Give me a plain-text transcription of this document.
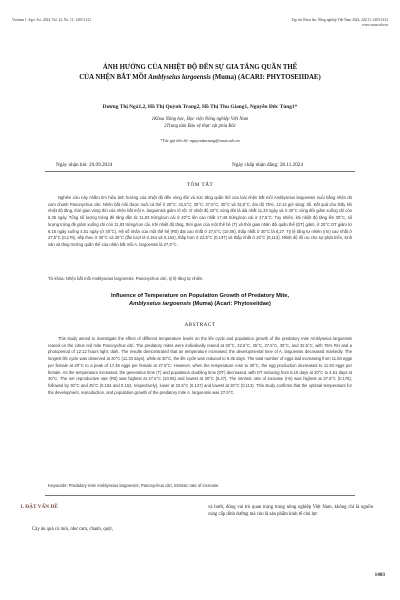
Vietnam J. Agri. Sci. 2024, Vol. 22, No. 11: 1403-1412	Tạp chí Khoa học Nông nghiệp Việt Nam 2024, 22(11): 1403-1412
www.vnua.edu.vn
ẢNH HƯỞNG CỦA NHIỆT ĐỘ ĐẾN SỰ GIA TĂNG QUẦN THỂ
CỦA NHỆN BẮT MỒI Amblyseius largoensis (Muma) (ACARI: PHYTOSEIIDAE)
Dương Thị Ngà1,2, Hồ Thị Quỳnh Trang2, Hồ Thị Thu Giang1, Nguyễn Đức Tùng1*
1Khoa Nông học, Học viện Nông nghiệp Việt Nam
2Trung tâm Bảo vệ thực vật phía Bắc
*Tác giả liên hệ: nguyenductung@vnua.edu.vn
Ngày nhận bài: 20.09.2024	Ngày chấp nhận đăng: 28.11.2024
TÓM TẮT

Nghiên cứu này nhằm tìm hiểu ảnh hưởng của nhiệt độ đến vòng đời và sức tăng quần thể của loài nhện bắt mồi Amblyseius largoensis nuôi bằng nhện đỏ cam chanh Panonychus citri. Nhện bắt mồi được nuôi cá thể ở 20°C; 22,5°C; 25°C; 27,5°C; 30°C và 32,5°C, ẩm độ 75%, 12:12 giờ sáng: tối. Kết quả cho thấy khi nhiệt độ tăng, thời gian vòng đời của nhện bắt mồi A. largoensis giảm rõ rệt. Ở nhiệt độ 20°C vòng đời là dài nhất 11,33 ngày và ở 30°C vòng đời giảm xuống chỉ còn 6,35 ngày. Tổng số lượng trứng đẻ tăng dần từ 11,83 trứng/con cái ở 20°C lên cao nhất 17,48 trứng/con cái ở 27,5°C. Tuy nhiên, khi nhiệt độ tăng lên 30°C, số lượng trứng đẻ giảm xuống chỉ còn 11,83 trứng/con cái. Khi nhiệt độ tăng, thời gian của một thế hệ (T) và thời gian nhân đôi quần thể (DT) giảm, ở 20°C DT giảm từ 6,15 ngày xuống 4,51 ngày (ở 30°C). Hệ số nhân của một thế hệ (R0) đạt cao nhất ở 27,5°C (10,06), thấp nhất ở 30°C là 6,27. Tỷ lệ tăng tự nhiên (rm) cao nhất ở 27,5°C (0,178), tiếp theo ở 30°C và 25°C (lần lượt là 0,154 và 0,162), thấp hơn ở 22,5°C (0,137) và thấp nhất ở 20°C (0,113). Nhiệt độ tối ưu cho sự phát triển, sinh sản và tăng trưởng quần thể của nhện bắt mồi A. largoensis là 27,5°C.

Từ khóa: Nhện bắt mồi Amblyseius largoensis, Panonychus citri, tỷ lệ tăng tự nhiên.
Influence of Temperature on Population Growth of Predatory Mite,
Amblyseius largoensis (Muma) (Acari: Phytoseiidae)
ABSTRACT

This study aimed to investigate the effect of different temperature levels on the life cycle and population growth of the predatory mite Amblyseius largoensis reared on the citrus red mite Panonychus citri. The predatory mites were individually reared at 20°C, 22.5°C, 25°C, 27.5°C, 30°C, and 32.5°C, with 75% RH and a photoperiod of 12:12 hours light: dark. The results demonstrated that as temperature increased, the developmental time of A. largoensis decreased markedly. The longest life cycle was observed at 20°C (11.33 days), while at 30°C, the life cycle was reduced to 6.35 days. The total number of eggs laid increasing from 11.83 eggs per female at 20°C to a peak of 17.48 eggs per female at 27.5°C. However, when the temperature rose to 30°C, the egg production decreased to 11.83 eggs per female. As the temperature increased, the generation time (T) and population doubling time (DT) decreased, with DT reducing from 6.15 days at 20°C to 4.51 days at 30°C. The net reproductive rate (R0) was highest at 27.5°C (10.06) and lowest at 30°C (6.27). The intrinsic rate of increase (rm) was highest at 27.5°C (0.178), followed by 30°C and 25°C (0.154 and 0.162, respectively), lower at 22.5°C (0.137) and lowest at 20°C (0.113). This study confirms that the optimal temperature for the development, reproduction, and population growth of the predatory mite A. largoensis was 27.5°C.

Keywords: Predatory mite Amblyseius largoensis, Panonychus citri, Intrinsic rate of increase.
1. ĐẶT VẤN ĐỀ
Cây ăn quả có múi, như cam, chanh, quýt,
và bưởi, đóng vai trò quan trọng trong nông nghiệp Việt Nam, không chỉ là nguồn cung cấp dinh dưỡng mà còn là sản phẩm kinh tế chủ lực
1403
